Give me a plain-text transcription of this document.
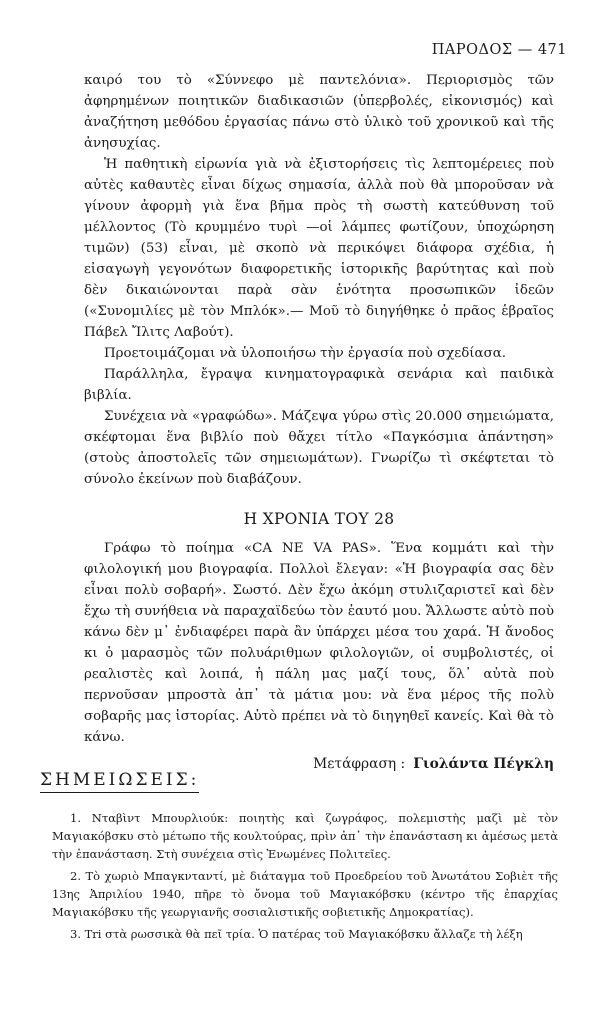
ΠΑΡΟΔΟΣ — 471

καιρό του τὸ «Σύννεφο μὲ παντελόνια». Περιορισμὸς τῶν ἀφηρημένων ποιητικῶν διαδικασιῶν (ὑπερβολές, εἰκονισμός) καὶ ἀναζήτηση μεθόδου ἐργασίας πάνω στὸ ὑλικὸ τοῦ χρονικοῦ καὶ τῆς ἀνησυχίας.

Ἡ παθητικὴ εἰρωνία γιὰ νὰ ἐξιστορήσεις τὶς λεπτομέρειες ποὺ αὐτὲς καθαυτὲς εἶναι δίχως σημασία, ἀλλὰ ποὺ θὰ μποροῦσαν νὰ γίνουν ἀφορμὴ γιὰ ἕνα βῆμα πρὸς τὴ σωστὴ κατεύθυνση τοῦ μέλλοντος (Τὸ κρυμμένο τυρὶ —οἱ λάμπες φωτίζουν, ὑποχώρηση τιμῶν) (53) εἶναι, μὲ σκοπὸ νὰ περικόψει διάφορα σχέδια, ἡ εἰσαγωγὴ γεγονότων διαφορετικῆς ἱστορικῆς βαρύτητας καὶ ποὺ δὲν δικαιώνονται παρὰ σὰν ἑνότητα προσωπικῶν ἰδεῶν («Συνομιλίες μὲ τὸν Μπλόκ».— Μοῦ τὸ διηγήθηκε ὁ πρᾶος ἑβραῖος Πάβελ Ἴλιτς Λαβούτ).

Προετοιμάζομαι νὰ ὑλοποιήσω τὴν ἐργασία ποὺ σχεδίασα.

Παράλληλα, ἔγραψα κινηματογραφικὰ σενάρια καὶ παιδικὰ βιβλία.

Συνέχεια νὰ «γραφώδω». Μάζεψα γύρω στὶς 20.000 σημειώματα, σκέφτομαι ἕνα βιβλίο ποὺ θἄχει τίτλο «Παγκόσμια ἀπάντηση» (στοὺς ἀποστολεῖς τῶν σημειωμάτων). Γνωρίζω τὶ σκέφτεται τὸ σύνολο ἐκείνων ποὺ διαβάζουν.

Η ΧΡΟΝΙΑ ΤΟΥ 28

Γράφω τὸ ποίημα «CA NE VA PAS». Ἕνα κομμάτι καὶ τὴν φιλολογική μου βιογραφία. Πολλοὶ ἔλεγαν: «Ἡ βιογραφία σας δὲν εἶναι πολὺ σοβαρή». Σωστό. Δὲν ἔχω ἀκόμη στυλιζαριστεῖ καὶ δὲν ἔχω τὴ συνήθεια νὰ παραχαϊδεύω τὸν ἑαυτό μου. Ἄλλωστε αὐτὸ ποὺ κάνω δὲν μ᾿ ἐνδιαφέρει παρὰ ἂν ὑπάρχει μέσα του χαρά. Ἡ ἄνοδος κι ὁ μαρασμὸς τῶν πολυάριθμων φιλολογιῶν, οἱ συμβολιστές, οἱ ρεαλιστὲς καὶ λοιπά, ἡ πάλη μας μαζί τους, ὅλ᾿ αὐτὰ ποὺ περνοῦσαν μπροστὰ ἀπ᾿ τὰ μάτια μου: νὰ ἕνα μέρος τῆς πολὺ σοβαρῆς μας ἱστορίας. Αὐτὸ πρέπει νὰ τὸ διηγηθεῖ κανείς. Καὶ θὰ τὸ κάνω.

Μετάφραση : Γιολάντα Πέγκλη
ΣΗΜΕΙΩΣΕΙΣ:

1. Νταβὶντ Μπουρλιούκ: ποιητὴς καὶ ζωγράφος, πολεμιστὴς μαζὶ μὲ τὸν Μαγιακόβσκυ στὸ μέτωπο τῆς κουλτούρας, πρὶν ἀπ᾿ τὴν ἐπανάσταση κι ἀμέσως μετὰ τὴν ἐπανάσταση. Στὴ συνέχεια στὶς Ἑνωμένες Πολιτεῖες.

2. Τὸ χωριὸ Μπαγκνταντί, μὲ διάταγμα τοῦ Προεδρείου τοῦ Ἀνωτάτου Σοβιὲτ τῆς 13ης Ἀπριλίου 1940, πῆρε τὸ ὄνομα τοῦ Μαγιακόβσκυ (κέντρο τῆς ἐπαρχίας Μαγιακόβσκυ τῆς γεωργιανῆς σοσιαλιστικῆς σοβιετικῆς Δημοκρατίας).

3. Tri στὰ ρωσσικὰ θὰ πεῖ τρία. Ὁ πατέρας τοῦ Μαγιακόβσκυ ἄλλαζε τὴ λέξη
